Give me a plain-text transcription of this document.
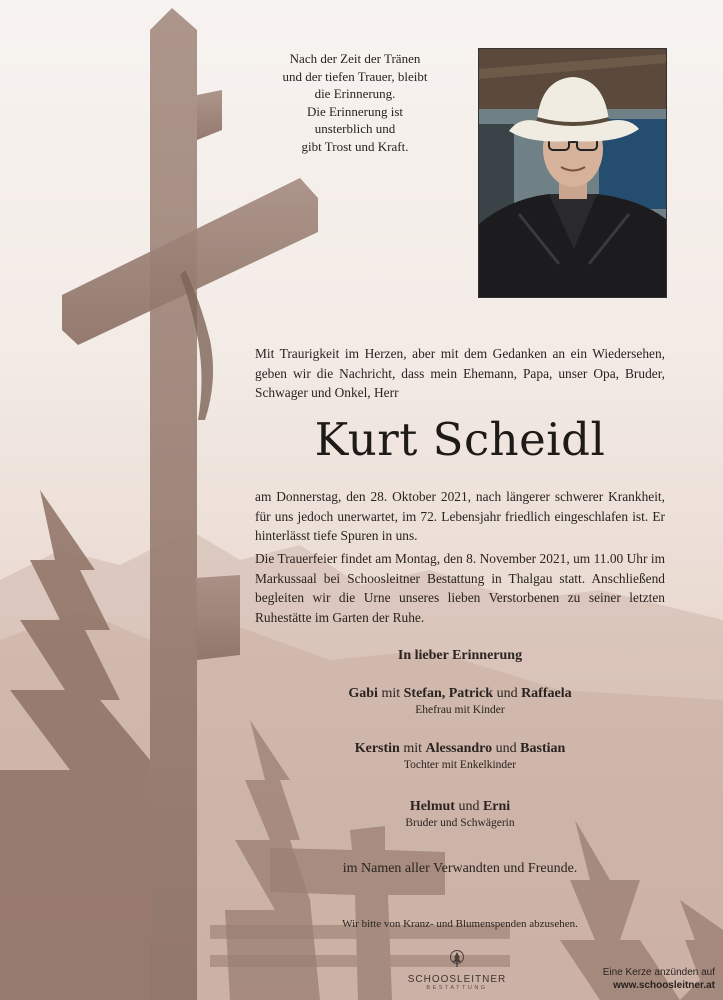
Nach der Zeit der Tränen
und der tiefen Trauer, bleibt
die Erinnerung.
Die Erinnerung ist
unsterblich und
gibt Trost und Kraft.
Mit Traurigkeit im Herzen, aber mit dem Gedanken an ein Wiedersehen, geben wir die Nachricht, dass mein Ehemann, Papa, unser Opa, Bruder, Schwager und Onkel, Herr
Kurt Scheidl
am Donnerstag, den 28. Oktober 2021, nach längerer schwerer Krankheit, für uns jedoch unerwartet, im 72. Lebensjahr friedlich eingeschlafen ist. Er hinterlässt tiefe Spuren in uns.
Die Trauerfeier findet am Montag, den 8. November 2021, um 11.00 Uhr im Markussaal bei Schoosleitner Bestattung in Thalgau statt. Anschließend begleiten wir die Urne unseres lieben Verstorbenen zu seiner letzten Ruhestätte im Garten der Ruhe.
In lieber Erinnerung
Gabi mit Stefan, Patrick und Raffaela
Ehefrau mit Kinder
Kerstin mit Alessandro und Bastian
Tochter mit Enkelkinder
Helmut und Erni
Bruder und Schwägerin
im Namen aller Verwandten und Freunde.
Wir bitte von Kranz- und Blumenspenden abzusehen.
SCHOOSLEITNER
BESTATTUNG
Eine Kerze anzünden auf
www.schoosleitner.at
